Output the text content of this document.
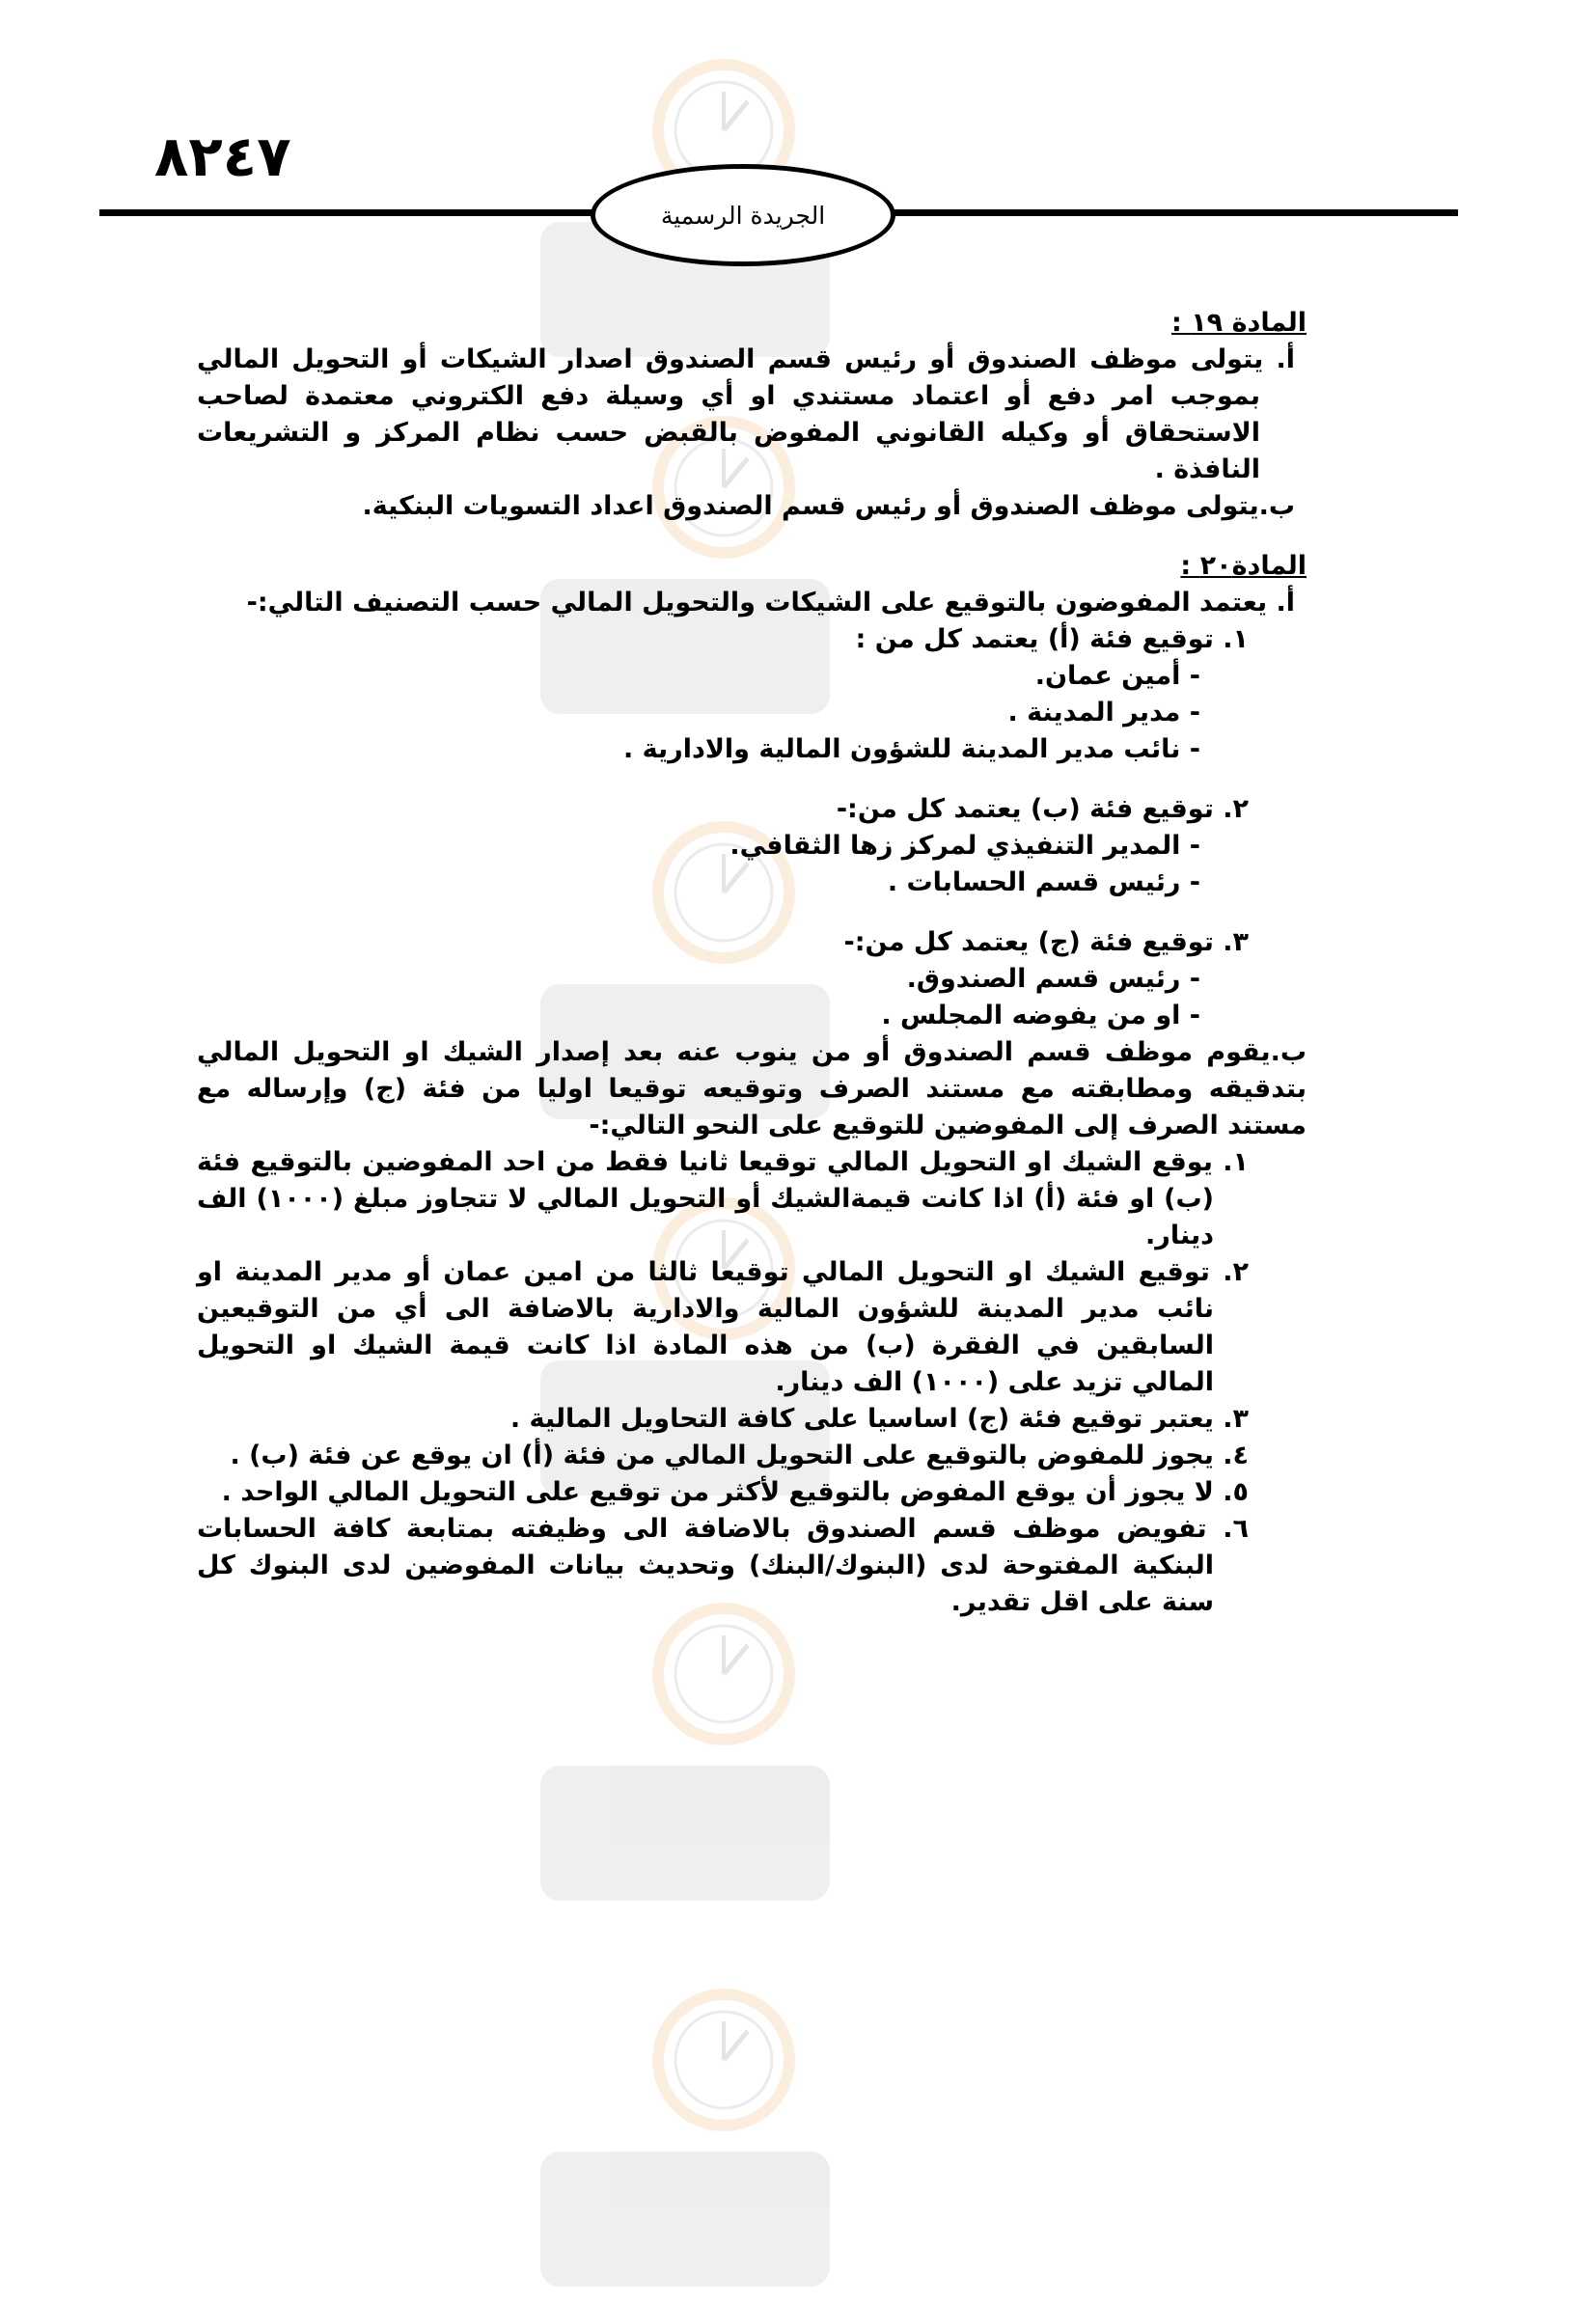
٨٢٤٧
الجريدة الرسمية
المادة ١٩ :
أ. يتولى موظف الصندوق أو رئيس قسم الصندوق اصدار الشيكات أو التحويل المالي بموجب امر دفع أو اعتماد مستندي او أي وسيلة دفع الكتروني معتمدة لصاحب الاستحقاق أو وكيله القانوني المفوض بالقبض حسب نظام المركز و التشريعات النافذة .
ب.يتولى موظف الصندوق أو رئيس قسم الصندوق اعداد التسويات البنكية.
المادة٢٠ :
أ. يعتمد المفوضون بالتوقيع على الشيكات والتحويل المالي حسب التصنيف التالي:-
١. توقيع فئة (أ) يعتمد كل من :
- أمين عمان.
- مدير المدينة .
- نائب مدير المدينة للشؤون المالية والادارية .
٢. توقيع فئة (ب) يعتمد كل من:-
- المدير التنفيذي لمركز زها الثقافي.
- رئيس قسم الحسابات .
٣. توقيع فئة (ج) يعتمد كل من:-
- رئيس قسم الصندوق.
- او من يفوضه المجلس .
ب.يقوم موظف قسم الصندوق أو من ينوب عنه بعد إصدار الشيك او التحويل المالي بتدقيقه ومطابقته مع مستند الصرف وتوقيعه توقيعا اوليا من فئة (ج) وإرساله مع مستند الصرف إلى المفوضين للتوقيع على النحو التالي:-
١. يوقع الشيك او التحويل المالي توقيعا ثانيا فقط من احد المفوضين بالتوقيع فئة (ب) او فئة (أ) اذا كانت قيمةالشيك أو التحويل المالي لا تتجاوز مبلغ (١٠٠٠) الف دينار.
٢. توقيع الشيك او التحويل المالي توقيعا ثالثا من امين عمان أو مدير المدينة او نائب مدير المدينة للشؤون المالية والادارية بالاضافة الى أي من التوقيعين السابقين في الفقرة (ب) من هذه المادة اذا كانت قيمة الشيك او التحويل المالي تزيد على (١٠٠٠) الف دينار.
٣. يعتبر توقيع فئة (ج) اساسيا على كافة التحاويل المالية .
٤. يجوز للمفوض بالتوقيع على التحويل المالي من فئة (أ) ان يوقع عن فئة (ب) .
٥. لا يجوز أن يوقع المفوض بالتوقيع لأكثر من توقيع على التحويل المالي الواحد .
٦. تفويض موظف قسم الصندوق بالاضافة الى وظيفته بمتابعة كافة الحسابات البنكية المفتوحة لدى (البنوك/البنك) وتحديث بيانات المفوضين لدى البنوك كل سنة على اقل تقدير.
